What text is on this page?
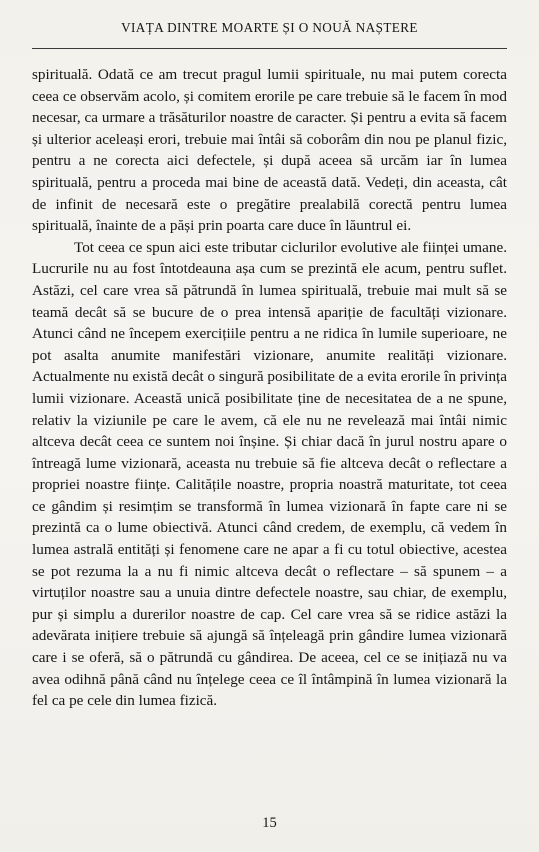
VIAȚA DINTRE MOARTE ȘI O NOUĂ NAȘTERE

spirituală. Odată ce am trecut pragul lumii spirituale, nu mai putem corecta ceea ce observăm acolo, și comitem erorile pe care trebuie să le facem în mod necesar, ca urmare a trăsăturilor noastre de caracter. Și pentru a evita să facem și ulterior aceleași erori, trebuie mai întâi să coborâm din nou pe planul fizic, pentru a ne corecta aici defectele, și după aceea să urcăm iar în lumea spirituală, pentru a proceda mai bine de această dată. Vedeți, din aceasta, cât de infinit de necesară este o pregătire prealabilă corectă pentru lumea spirituală, înainte de a păși prin poarta care duce în lăuntrul ei.

Tot ceea ce spun aici este tributar ciclurilor evolutive ale ființei umane. Lucrurile nu au fost întotdeauna așa cum se prezintă ele acum, pentru suflet. Astăzi, cel care vrea să pătrundă în lumea spirituală, trebuie mai mult să se teamă decât să se bucure de o prea intensă apariție de facultăți vizionare. Atunci când ne începem exercițiile pentru a ne ridica în lumile superioare, ne pot asalta anumite manifestări vizionare, anumite realități vizionare. Actualmente nu există decât o singură posibilitate de a evita erorile în privința lumii vizionare. Această unică posibilitate ține de necesitatea de a ne spune, relativ la viziunile pe care le avem, că ele nu ne revelează mai întâi nimic altceva decât ceea ce suntem noi înșine. Și chiar dacă în jurul nostru apare o întreagă lume vizionară, aceasta nu trebuie să fie altceva decât o reflectare a propriei noastre ființe. Calitățile noastre, propria noastră maturitate, tot ceea ce gândim și resimțim se transformă în lumea vizionară în fapte care ni se prezintă ca o lume obiectivă. Atunci când credem, de exemplu, că vedem în lumea astrală entități și fenomene care ne apar a fi cu totul obiective, acestea se pot rezuma la a nu fi nimic altceva decât o reflectare – să spunem – a virtuților noastre sau a unuia dintre defectele noastre, sau chiar, de exemplu, pur și simplu a durerilor noastre de cap. Cel care vrea să se ridice astăzi la adevărata inițiere trebuie să ajungă să înțeleagă prin gândire lumea vizionară care i se oferă, să o pătrundă cu gândirea. De aceea, cel ce se inițiază nu va avea odihnă până când nu înțelege ceea ce îl întâmpină în lumea vizionară la fel ca pe cele din lumea fizică.

15
